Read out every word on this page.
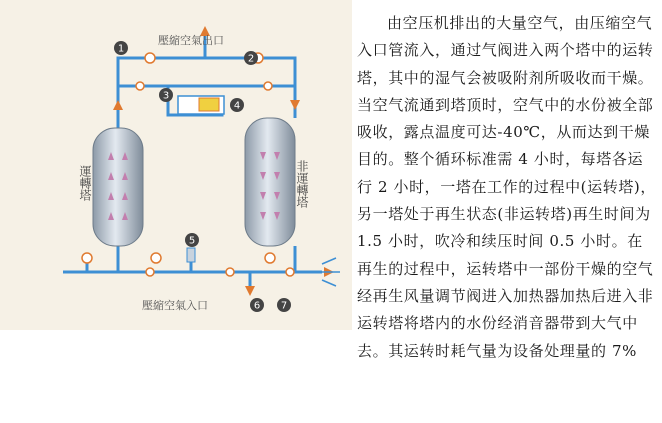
壓縮空氣出口
壓縮空氣入口
運轉塔	非運轉塔
1
2
3
4
5
6 7

由空压机排出的大量空气，由压缩空气入口管流入，通过气阀进入两个塔中的运转塔，其中的湿气会被吸附剂所吸收而干燥。当空气流通到塔顶时，空气中的水份被全部吸收，露点温度可达-40℃，从而达到干燥目的。整个循环标准需 4 小时，每塔各运行 2 小时，一塔在工作的过程中(运转塔)，另一塔处于再生状态(非运转塔)再生时间为 1.5 小时，吹冷和续压时间 0.5 小时。在再生的过程中，运转塔中一部份干燥的空气经再生风量调节阀进入加热器加热后进入非运转塔将塔内的水份经消音器带到大气中去。其运转时耗气量为设备处理量的 7%
